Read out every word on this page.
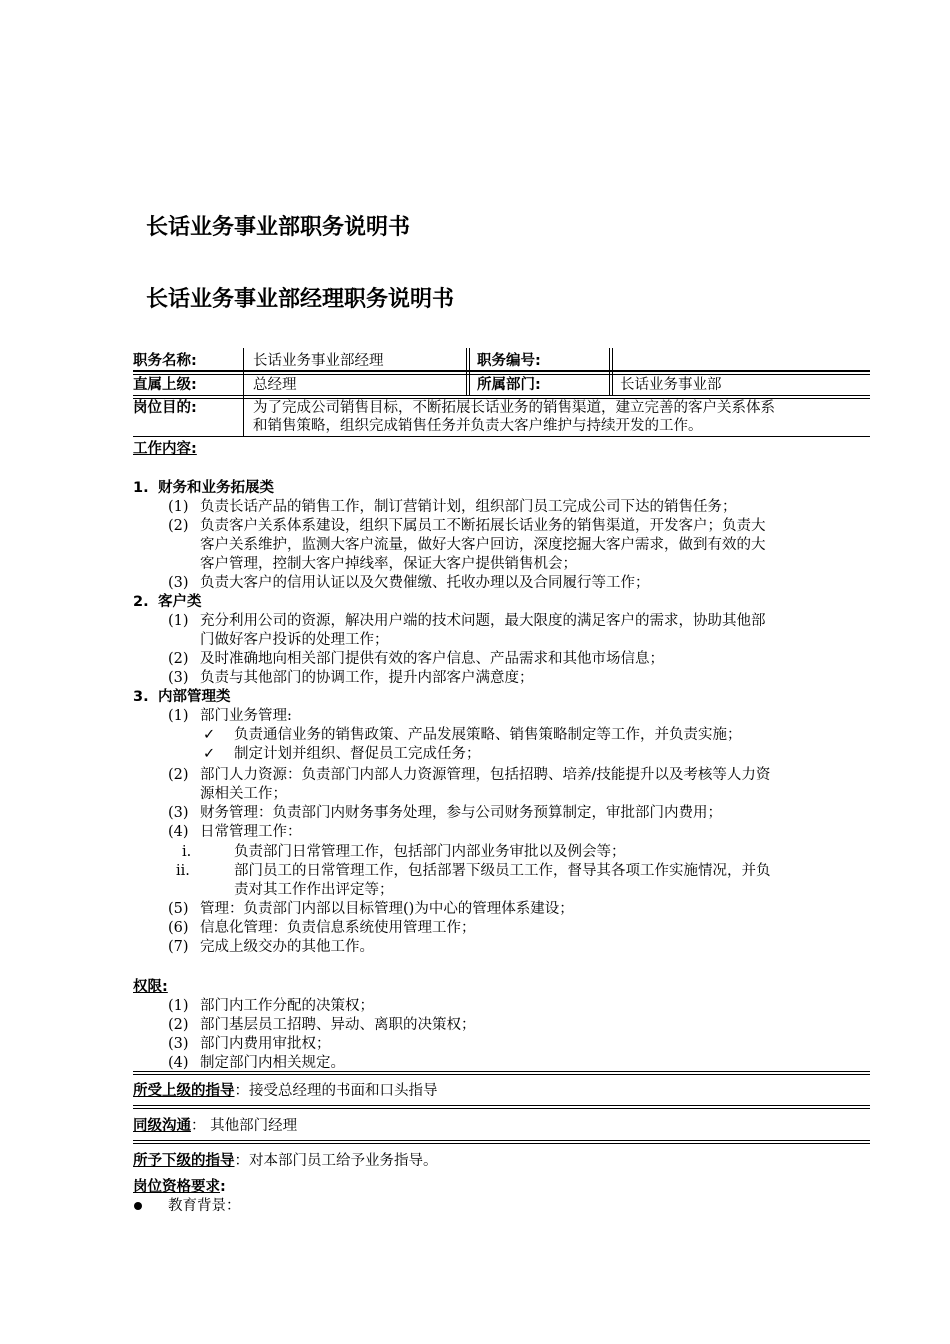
长话业务事业部职务说明书
长话业务事业部经理职务说明书
职务名称:	长话业务事业部经理	职务编号:
直属上级:	总经理	所属部门:	长话业务事业部
岗位目的:	为了完成公司销售目标，不断拓展长话业务的销售渠道，建立完善的客户关系体系
和销售策略，组织完成销售任务并负责大客户维护与持续开发的工作。
工作内容:
1. 财务和业务拓展类
(1) 负责长话产品的销售工作，制订营销计划，组织部门员工完成公司下达的销售任务；
(2) 负责客户关系体系建设，组织下属员工不断拓展长话业务的销售渠道，开发客户；负责大
客户关系维护，监测大客户流量，做好大客户回访，深度挖掘大客户需求，做到有效的大
客户管理，控制大客户掉线率，保证大客户提供销售机会；
(3) 负责大客户的信用认证以及欠费催缴、托收办理以及合同履行等工作；
2. 客户类
(1) 充分利用公司的资源，解决用户端的技术问题，最大限度的满足客户的需求，协助其他部
门做好客户投诉的处理工作；
(2) 及时准确地向相关部门提供有效的客户信息、产品需求和其他市场信息；
(3) 负责与其他部门的协调工作，提升内部客户满意度；
3. 内部管理类
(1) 部门业务管理:
✓ 负责通信业务的销售政策、产品发展策略、销售策略制定等工作，并负责实施；
✓ 制定计划并组织、督促员工完成任务；
(2) 部门人力资源：负责部门内部人力资源管理，包括招聘、培养/技能提升以及考核等人力资
源相关工作；
(3) 财务管理：负责部门内财务事务处理，参与公司财务预算制定，审批部门内费用；
(4) 日常管理工作：
i.	负责部门日常管理工作，包括部门内部业务审批以及例会等；
ii.	部门员工的日常管理工作，包括部署下级员工工作，督导其各项工作实施情况，并负
责对其工作作出评定等；
(5) 管理：负责部门内部以目标管理()为中心的管理体系建设；
(6) 信息化管理：负责信息系统使用管理工作；
(7) 完成上级交办的其他工作。
权限:
(1) 部门内工作分配的决策权；
(2) 部门基层员工招聘、异动、离职的决策权；
(3) 部门内费用审批权；
(4) 制定部门内相关规定。
所受上级的指导：接受总经理的书面和口头指导
同级沟通： 其他部门经理
所予下级的指导：对本部门员工给予业务指导。
岗位资格要求:
教育背景：
